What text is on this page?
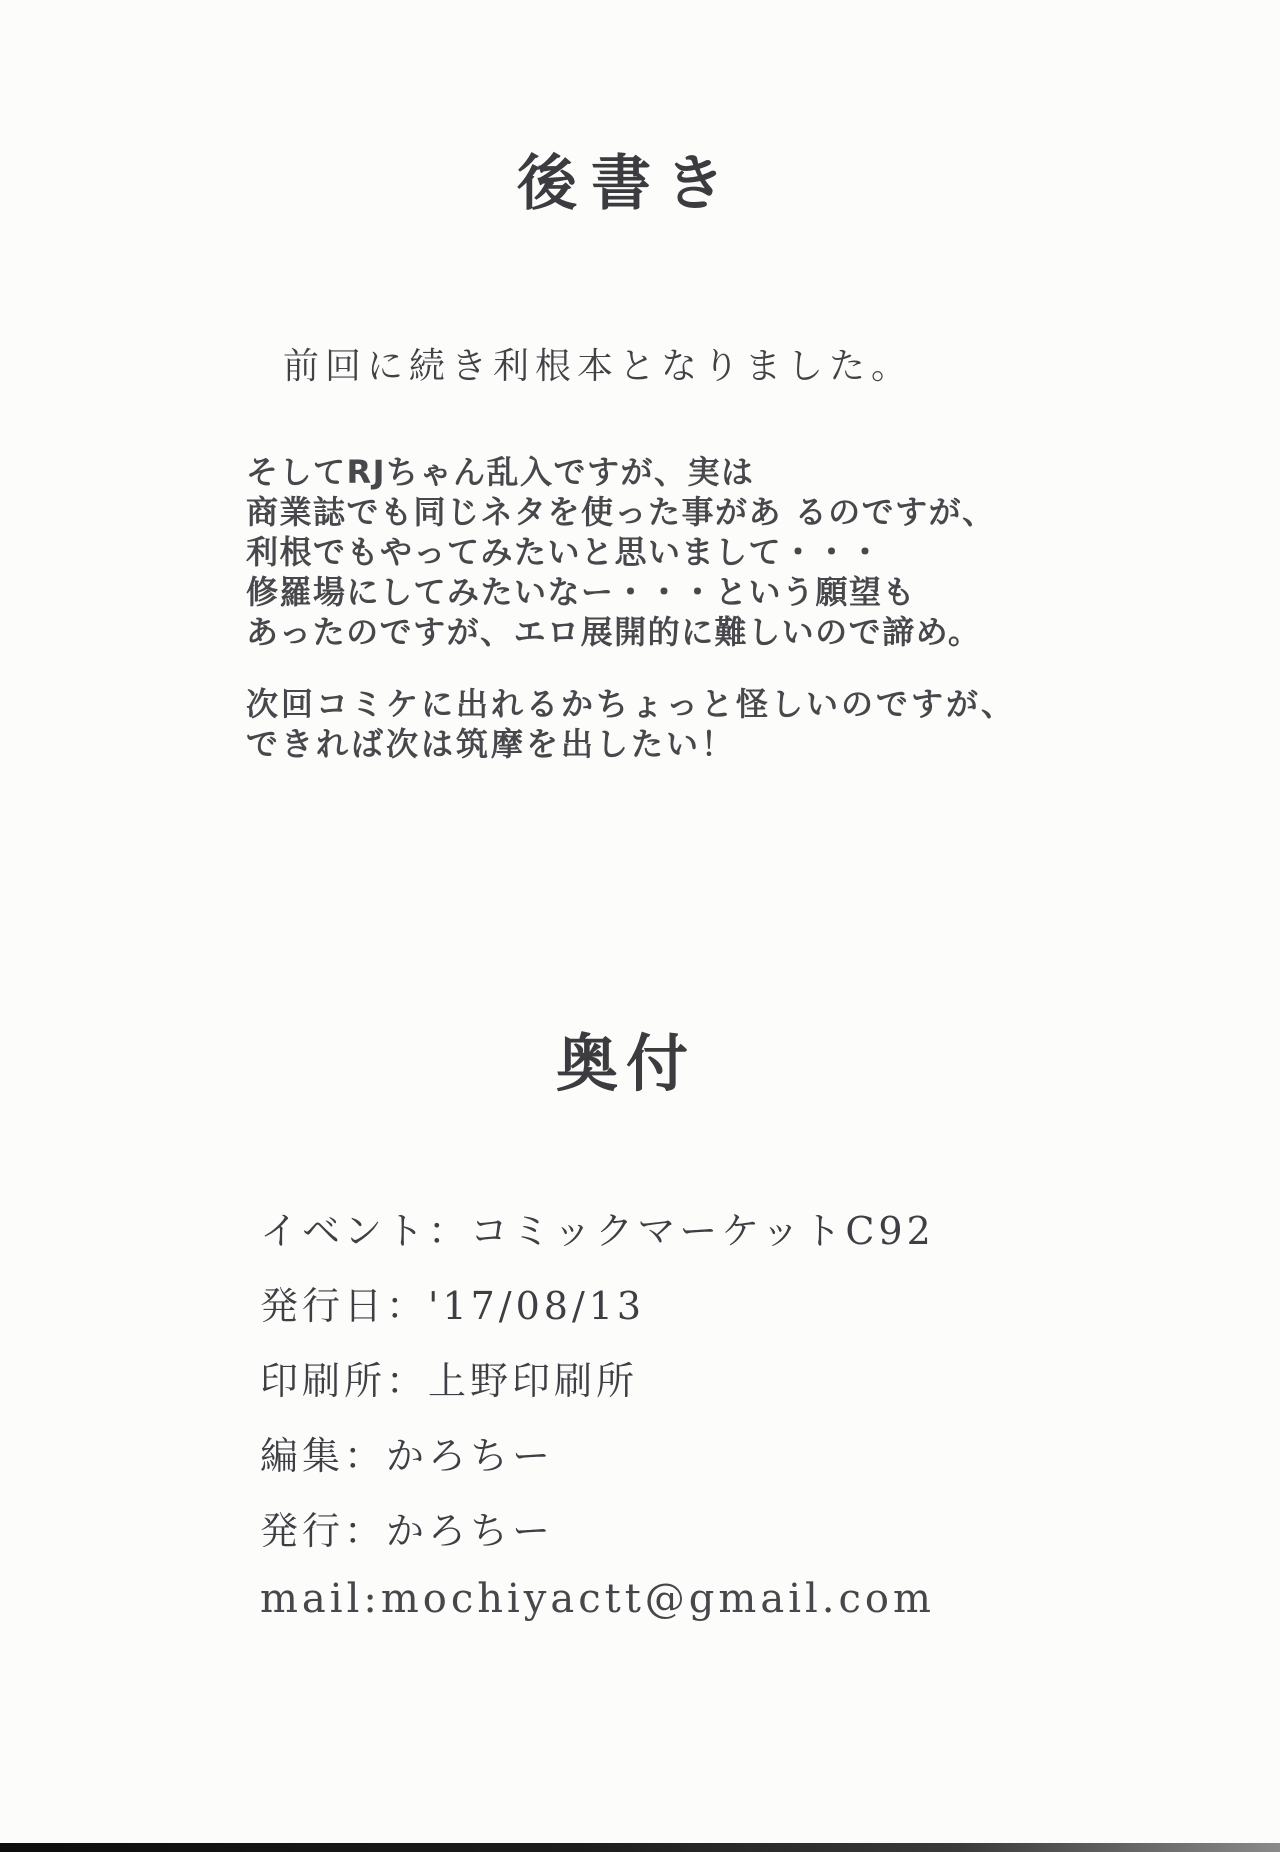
後書き
前回に続き利根本となりました。
そしてRJちゃん乱入ですが、実は
商業誌でも同じネタを使った事があ るのですが、
利根でもやってみたいと思いまして・・・
修羅場にしてみたいなー・・・という願望も
あったのですが、エロ展開的に難しいので諦め。
次回コミケに出れるかちょっと怪しいのですが、
できれば次は筑摩を出したい！
奥付
イベント：コミックマーケットC92
発行日：'17/08/13
印刷所：上野印刷所
編集：かろちー
発行：かろちー
mail:mochiyactt@gmail.com
